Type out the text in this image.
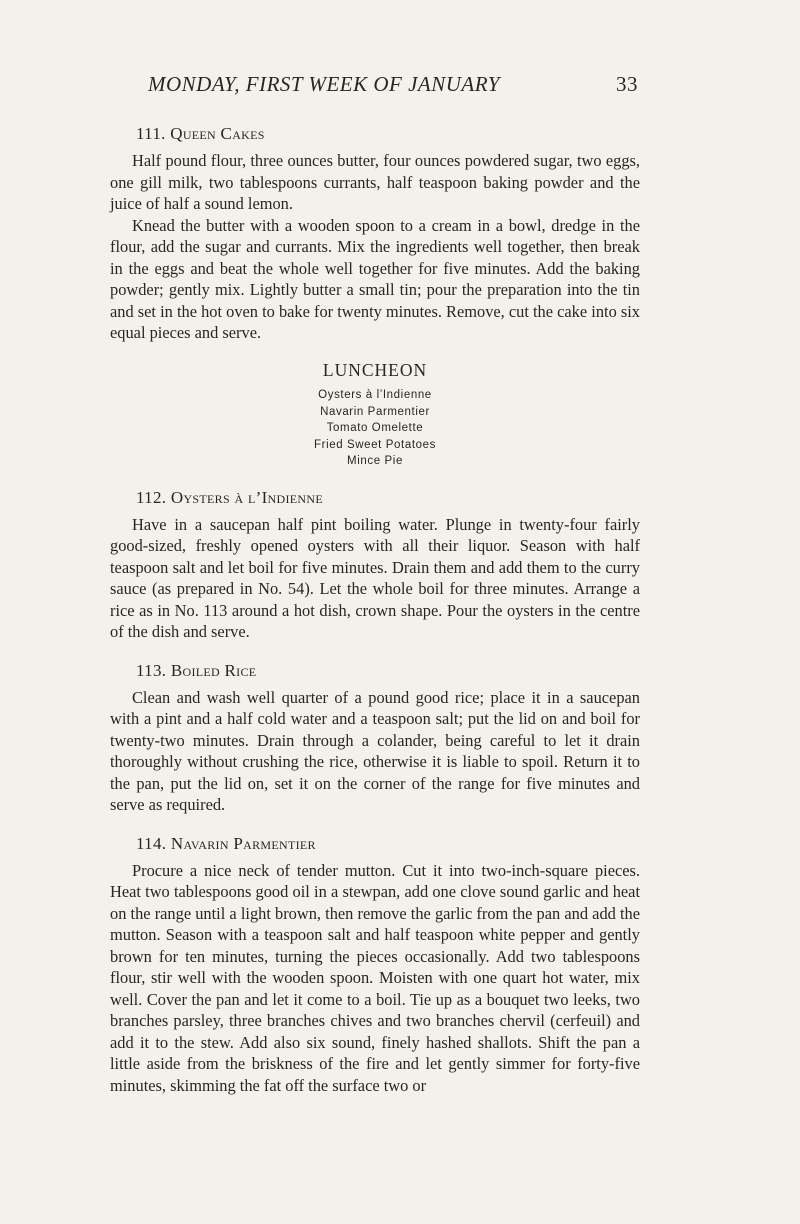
MONDAY, FIRST WEEK OF JANUARY	33
111. Queen Cakes

Half pound flour, three ounces butter, four ounces powdered sugar, two eggs, one gill milk, two tablespoons currants, half teaspoon baking powder and the juice of half a sound lemon.

Knead the butter with a wooden spoon to a cream in a bowl, dredge in the flour, add the sugar and currants. Mix the ingredients well together, then break in the eggs and beat the whole well together for five minutes. Add the baking powder; gently mix. Lightly butter a small tin; pour the preparation into the tin and set in the hot oven to bake for twenty minutes. Remove, cut the cake into six equal pieces and serve.

LUNCHEON
Oysters à l’Indienne
Navarin Parmentier
Tomato Omelette
Fried Sweet Potatoes
Mince Pie
112. Oysters à l’Indienne

Have in a saucepan half pint boiling water. Plunge in twenty-four fairly good-sized, freshly opened oysters with all their liquor. Season with half teaspoon salt and let boil for five minutes. Drain them and add them to the curry sauce (as prepared in No. 54). Let the whole boil for three minutes. Arrange a rice as in No. 113 around a hot dish, crown shape. Pour the oysters in the centre of the dish and serve.

113. Boiled Rice

Clean and wash well quarter of a pound good rice; place it in a saucepan with a pint and a half cold water and a teaspoon salt; put the lid on and boil for twenty-two minutes. Drain through a colander, being careful to let it drain thoroughly without crushing the rice, otherwise it is liable to spoil. Return it to the pan, put the lid on, set it on the corner of the range for five minutes and serve as required.

114. Navarin Parmentier

Procure a nice neck of tender mutton. Cut it into two-inch-square pieces. Heat two tablespoons good oil in a stewpan, add one clove sound garlic and heat on the range until a light brown, then remove the garlic from the pan and add the mutton. Season with a teaspoon salt and half teaspoon white pepper and gently brown for ten minutes, turning the pieces occasionally. Add two tablespoons flour, stir well with the wooden spoon. Moisten with one quart hot water, mix well. Cover the pan and let it come to a boil. Tie up as a bouquet two leeks, two branches parsley, three branches chives and two branches chervil (cerfeuil) and add it to the stew. Add also six sound, finely hashed shallots. Shift the pan a little aside from the briskness of the fire and let gently simmer for forty-five minutes, skimming the fat off the surface two or
